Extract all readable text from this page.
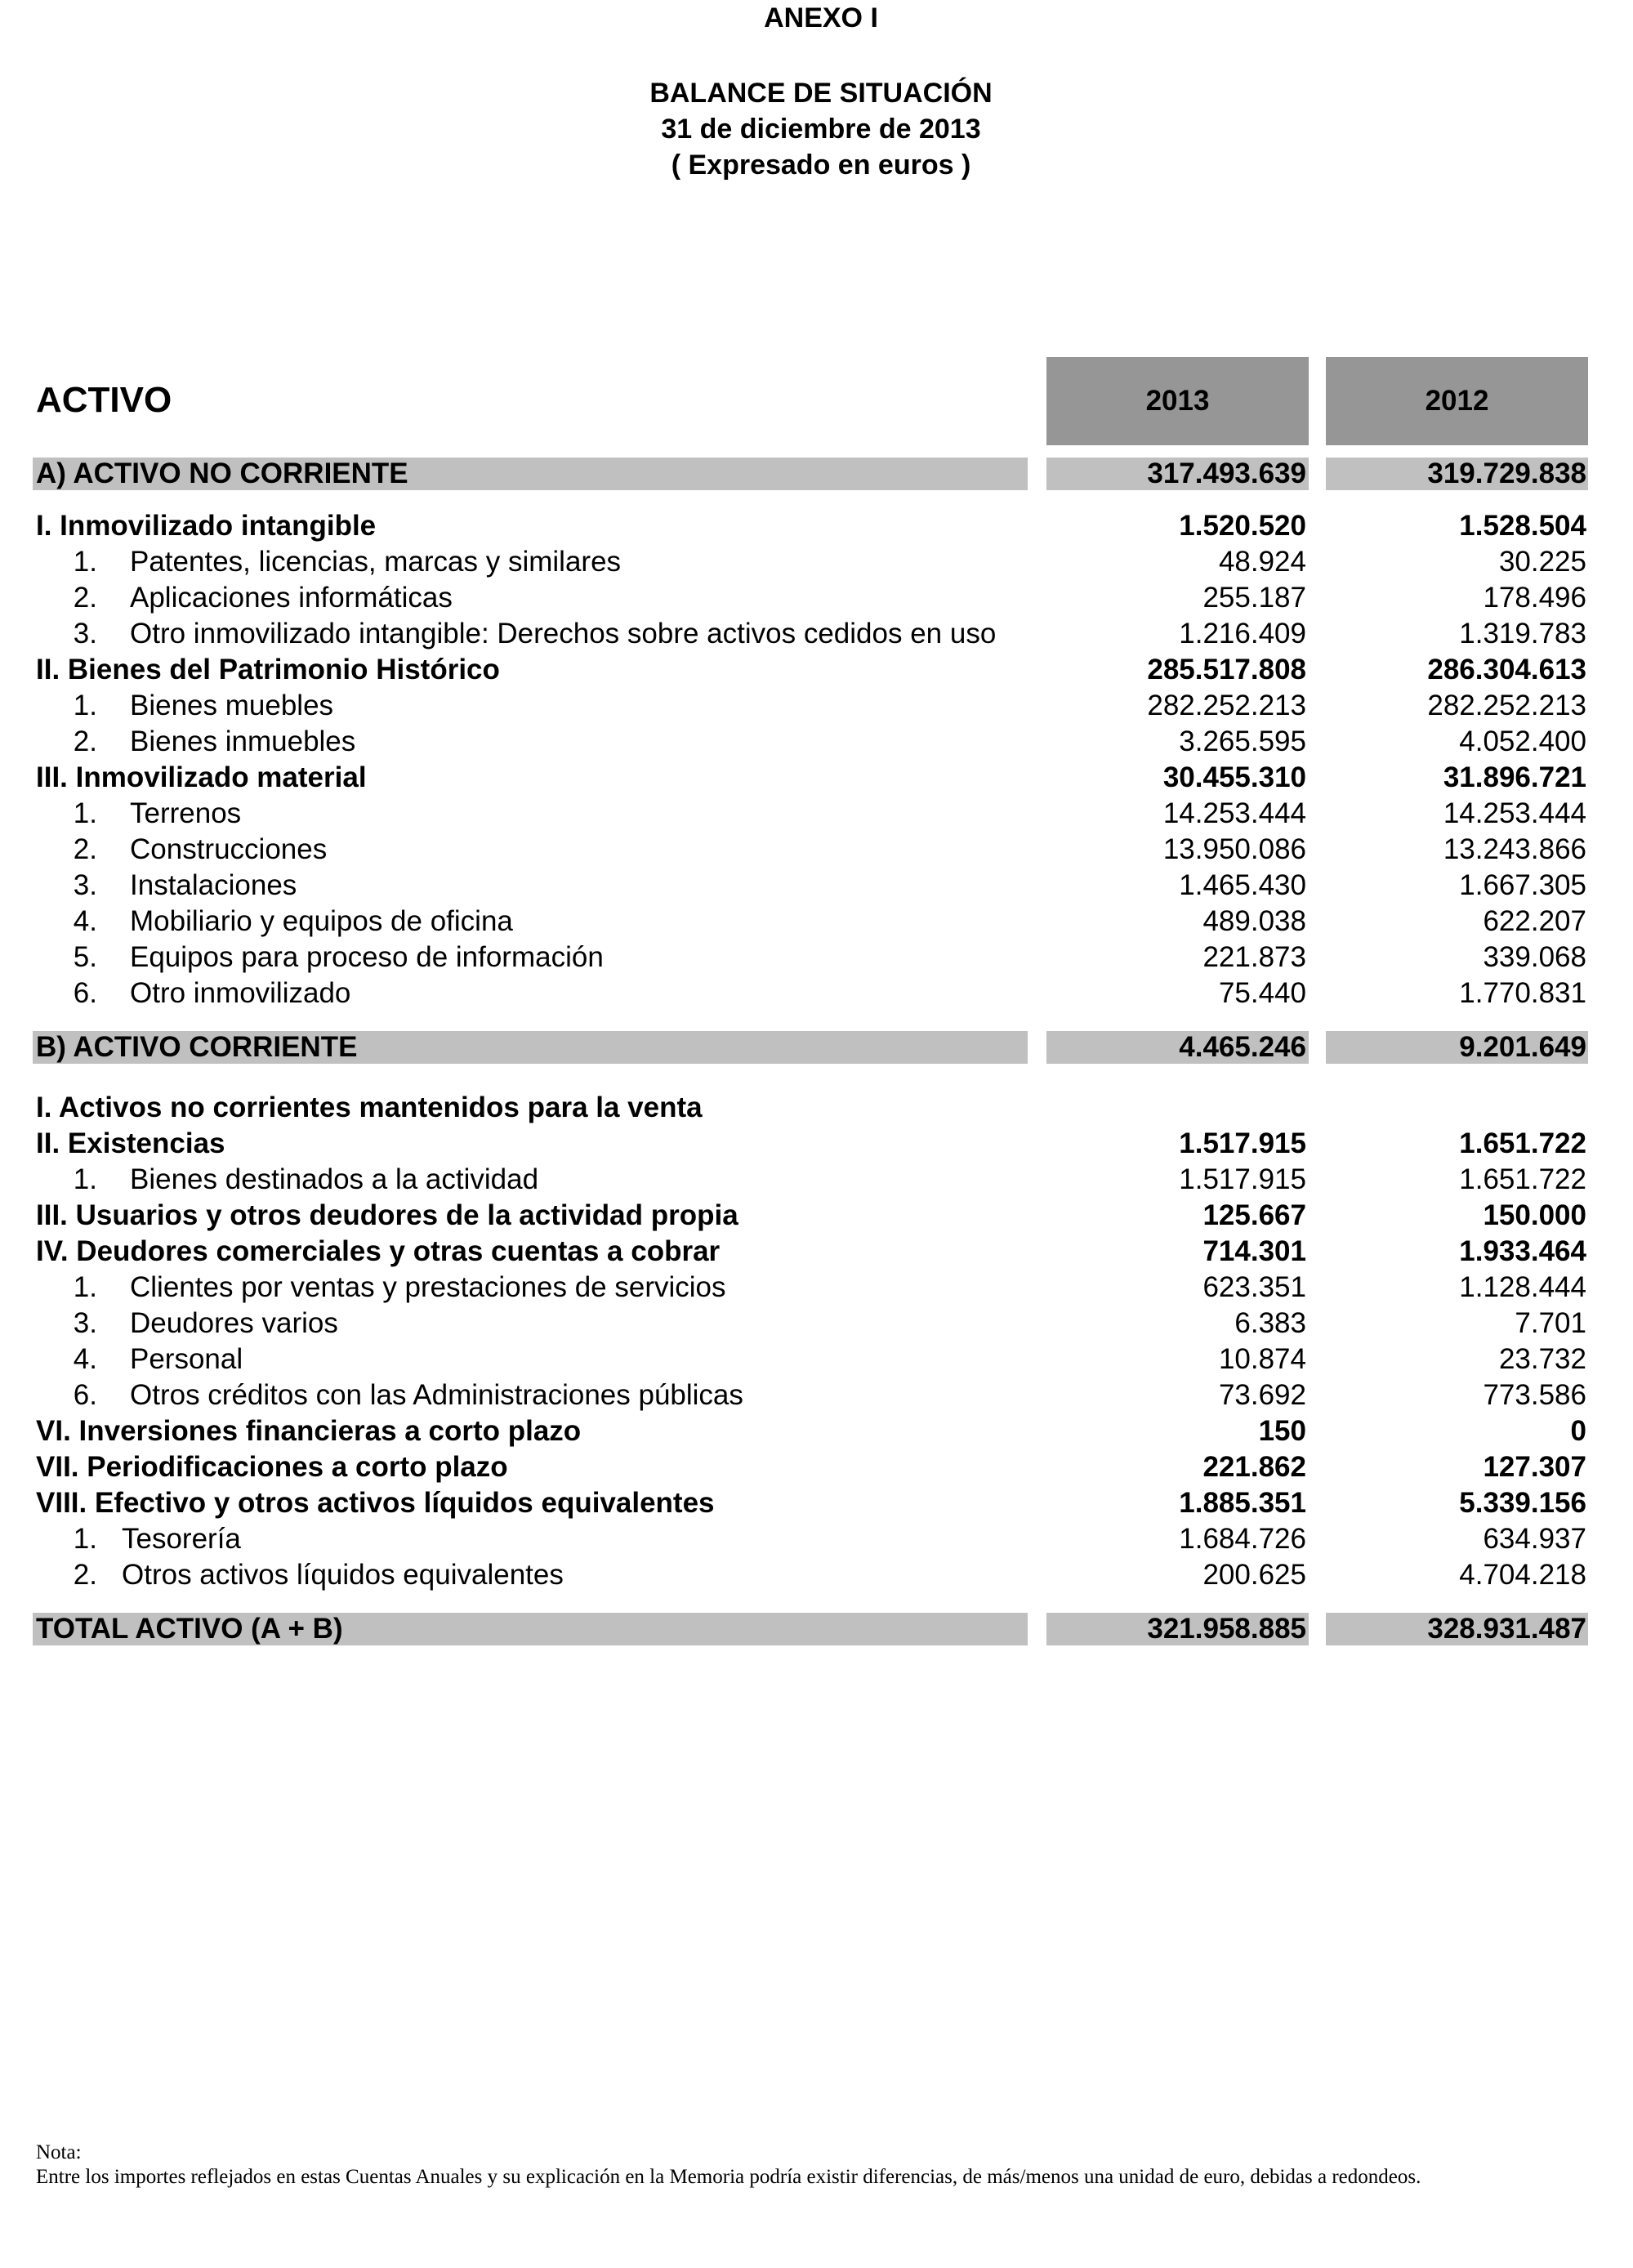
ANEXO I
BALANCE DE SITUACIÓN
31 de diciembre de 2013
( Expresado en euros )
ACTIVO	2013	2012
A) ACTIVO NO CORRIENTE	317.493.639	319.729.838
I. Inmovilizado intangible	1.520.520	1.528.504
1. Patentes, licencias, marcas y similares	48.924	30.225
2. Aplicaciones informáticas	255.187	178.496
3. Otro inmovilizado intangible: Derechos sobre activos cedidos en uso	1.216.409	1.319.783
II. Bienes del Patrimonio Histórico	285.517.808	286.304.613
1. Bienes muebles	282.252.213	282.252.213
2. Bienes inmuebles	3.265.595	4.052.400
III. Inmovilizado material	30.455.310	31.896.721
1. Terrenos	14.253.444	14.253.444
2. Construcciones	13.950.086	13.243.866
3. Instalaciones	1.465.430	1.667.305
4. Mobiliario y equipos de oficina	489.038	622.207
5. Equipos para proceso de información	221.873	339.068
6. Otro inmovilizado	75.440	1.770.831
B) ACTIVO CORRIENTE	4.465.246	9.201.649
I. Activos no corrientes mantenidos para la venta
II. Existencias	1.517.915	1.651.722
1. Bienes destinados a la actividad	1.517.915	1.651.722
III. Usuarios y otros deudores de la actividad propia	125.667	150.000
IV. Deudores comerciales y otras cuentas a cobrar	714.301	1.933.464
1. Clientes por ventas y prestaciones de servicios	623.351	1.128.444
3. Deudores varios	6.383	7.701
4. Personal	10.874	23.732
6. Otros créditos con las Administraciones públicas	73.692	773.586
VI. Inversiones financieras a corto plazo	150	0
VII. Periodificaciones a corto plazo	221.862	127.307
VIII. Efectivo y otros activos líquidos equivalentes	1.885.351	5.339.156
1. Tesorería	1.684.726	634.937
2. Otros activos líquidos equivalentes	200.625	4.704.218
TOTAL ACTIVO (A + B)	321.958.885	328.931.487
Nota:
Entre los importes reflejados en estas Cuentas Anuales y su explicación en la Memoria podría existir diferencias, de más/menos una unidad de euro, debidas a redondeos.
